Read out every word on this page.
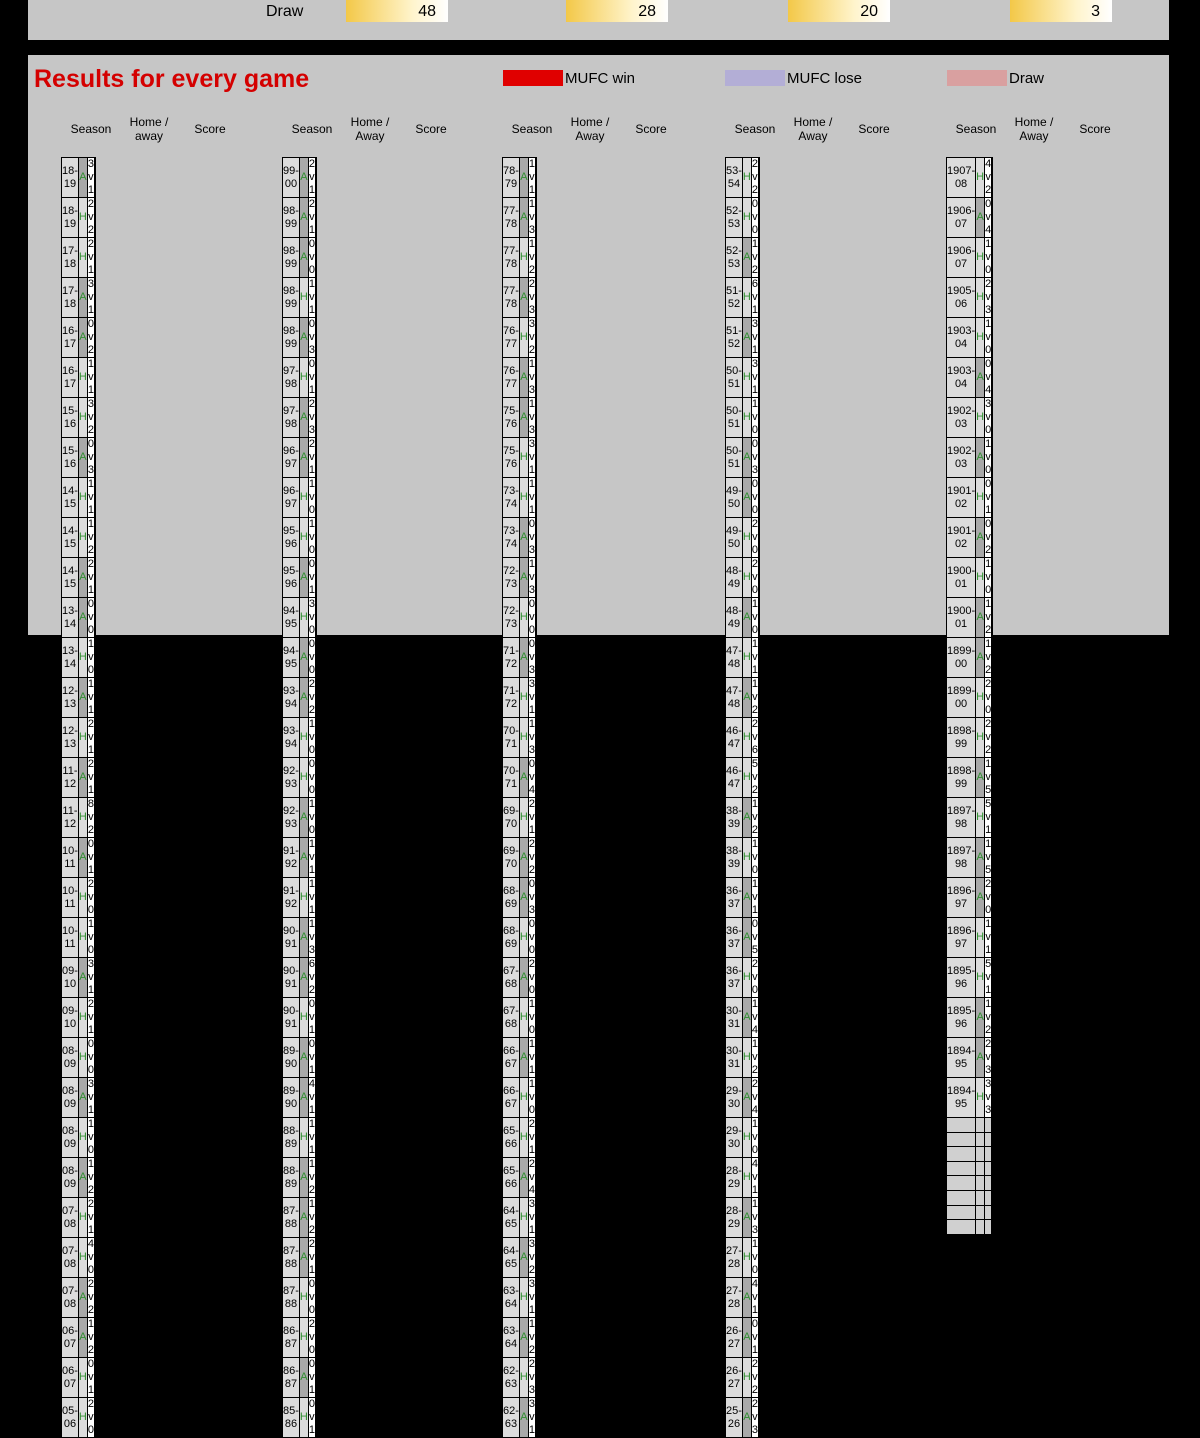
Draw	48	28	20	3
Results for every game	MUFC win	MUFC lose	Draw
Season	Home / away	Score
18-19	A	3 v 1	
18-19	H	2 v 2	
17-18	H	2 v 1	
17-18	A	3 v 1	
16-17	A	0 v 2	
16-17	H	1 v 1	
15-16	H	3 v 2	
15-16	A	0 v 3	
14-15	H	1 v 1	
14-15	H	1 v 2	
14-15	A	2 v 1	
13-14	A	0 v 0	
13-14	H	1 v 0	
12-13	A	1 v 1	
12-13	H	2 v 1	
11-12	A	2 v 1	
11-12	H	8 v 2	
10-11	A	0 v 1	
10-11	H	2 v 0	
10-11	H	1 v 0	
09-10	A	3 v 1	
09-10	H	2 v 1	
08-09	H	0 v 0	
08-09	A	3 v 1	
08-09	H	1 v 0	
08-09	A	1 v 2	
07-08	H	2 v 1	
07-08	H	4 v 0	
07-08	A	2 v 2	
06-07	A	1 v 2	
06-07	H	0 v 1	
05-06	H	2 v 0	
Season	Home / Away	Score
99-00	A	2 v 1	
98-99	A	2 v 1	
98-99	A	0 v 0	
98-99	H	1 v 1	
98-99	A	0 v 3	
97-98	H	0 v 1	
97-98	A	2 v 3	
96-97	A	2 v 1	
96-97	H	1 v 0	
95-96	H	1 v 0	
95-96	A	0 v 1	
94-95	H	3 v 0	
94-95	A	0 v 0	
93-94	A	2 v 2	
93-94	H	1 v 0	
92-93	H	0 v 0	
92-93	A	1 v 0	
91-92	A	1 v 1	
91-92	H	1 v 1	
90-91	A	1 v 3	
90-91	A	6 v 2	
90-91	H	0 v 1	
89-90	A	0 v 1	
89-90	A	4 v 1	
88-89	H	1 v 1	
88-89	A	1 v 2	
87-88	A	1 v 2	
87-88	A	2 v 1	
87-88	H	0 v 0	
86-87	H	2 v 0	
86-87	A	0 v 1	
85-86	H	0 v 1	
Season	Home / Away	Score
78-79	A	1 v 1	
77-78	A	1 v 3	
77-78	H	1 v 2	
77-78	A	2 v 3	
76-77	H	3 v 2	
76-77	A	1 v 3	
75-76	A	1 v 3	
75-76	H	3 v 1	
73-74	H	1 v 1	
73-74	A	0 v 3	
72-73	A	1 v 3	
72-73	H	0 v 0	
71-72	A	0 v 3	
71-72	H	3 v 1	
70-71	H	1 v 3	
70-71	A	0 v 4	
69-70	H	2 v 1	
69-70	A	2 v 2	
68-69	A	0 v 3	
68-69	H	0 v 0	
67-68	A	2 v 0	
67-68	H	1 v 0	
66-67	A	1 v 1	
66-67	H	1 v 0	
65-66	H	2 v 1	
65-66	A	2 v 4	
64-65	H	3 v 1	
64-65	A	3 v 2	
63-64	H	3 v 1	
63-64	A	1 v 2	
62-63	H	2 v 3	
62-63	A	3 v 1	
Season	Home / Away	Score
53-54	H	2 v 2	
52-53	H	0 v 0	
52-53	A	1 v 2	
51-52	H	6 v 1	
51-52	A	3 v 1	
50-51	H	3 v 1	
50-51	H	1 v 0	
50-51	A	0 v 3	
49-50	A	0 v 0	
49-50	H	2 v 0	
48-49	H	2 v 0	
48-49	A	1 v 0	
47-48	H	1 v 1	
47-48	A	1 v 2	
46-47	H	2 v 6	
46-47	H	5 v 2	
38-39	A	1 v 2	
38-39	H	1 v 0	
36-37	A	1 v 1	
36-37	A	0 v 5	
36-37	H	2 v 0	
30-31	A	1 v 4	
30-31	H	1 v 2	
29-30	A	2 v 4	
29-30	H	1 v 0	
28-29	H	4 v 1	
28-29	A	1 v 3	
27-28	H	1 v 0	
27-28	A	4 v 1	
26-27	A	0 v 1	
26-27	H	2 v 2	
25-26	A	2 v 3	
Season	Home / Away	Score
1907-08	H	4 v 2	
1906-07	A	0 v 4	
1906-07	H	1 v 0	
1905-06	H	2 v 3	
1903-04	H	1 v 0	
1903-04	A	0 v 4	
1902-03	H	3 v 0	
1902-03	A	1 v 0	
1901-02	H	0 v 1	
1901-02	A	0 v 2	
1900-01	H	1 v 0	
1900-01	A	1 v 2	
1899-00	A	1 v 2	
1899-00	H	2 v 0	
1898-99	H	2 v 2	
1898-99	A	1 v 5	
1897-98	H	5 v 1	
1897-98	A	1 v 5	
1896-97	A	2 v 0	
1896-97	H	1 v 1	
1895-96	H	5 v 1	
1895-96	A	1 v 2	
1894-95	A	2 v 3	
1894-95	H	3 v 3	
